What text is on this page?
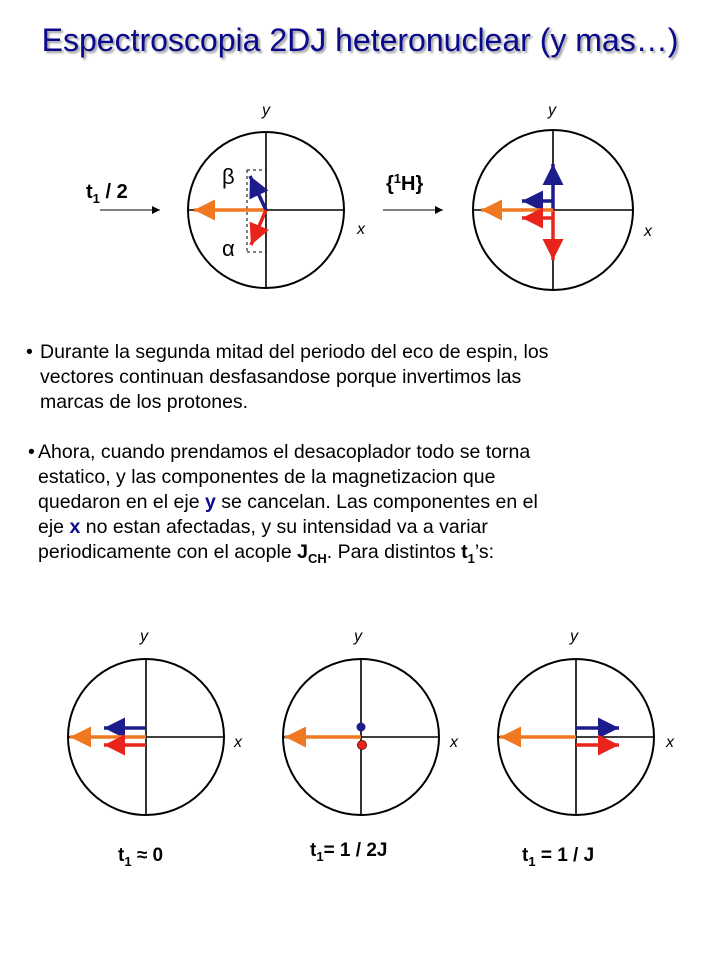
Espectroscopia 2DJ heteronuclear (y mas…)
y
x
β
α
$t_1 / 2$	{$^1$H}
y
x
y
x
y
x
y
x
• Durante la segunda mitad del periodo del eco de espin, los
vectores continuan desfasandose porque invertimos las
marcas de los protones.
• Ahora, cuando prendamos el desacoplador todo se torna
estatico, y las componentes de la magnetizacion que
quedaron en el eje y se cancelan. Las componentes en el
eje x no estan afectadas, y su intensidad va a variar
periodicamente con el acople $J_{CH}$. Para distintos $t_1’s$:
$t_1 \approx 0$	$t_1= 1 / 2J$	$t_1 = 1 / J$
